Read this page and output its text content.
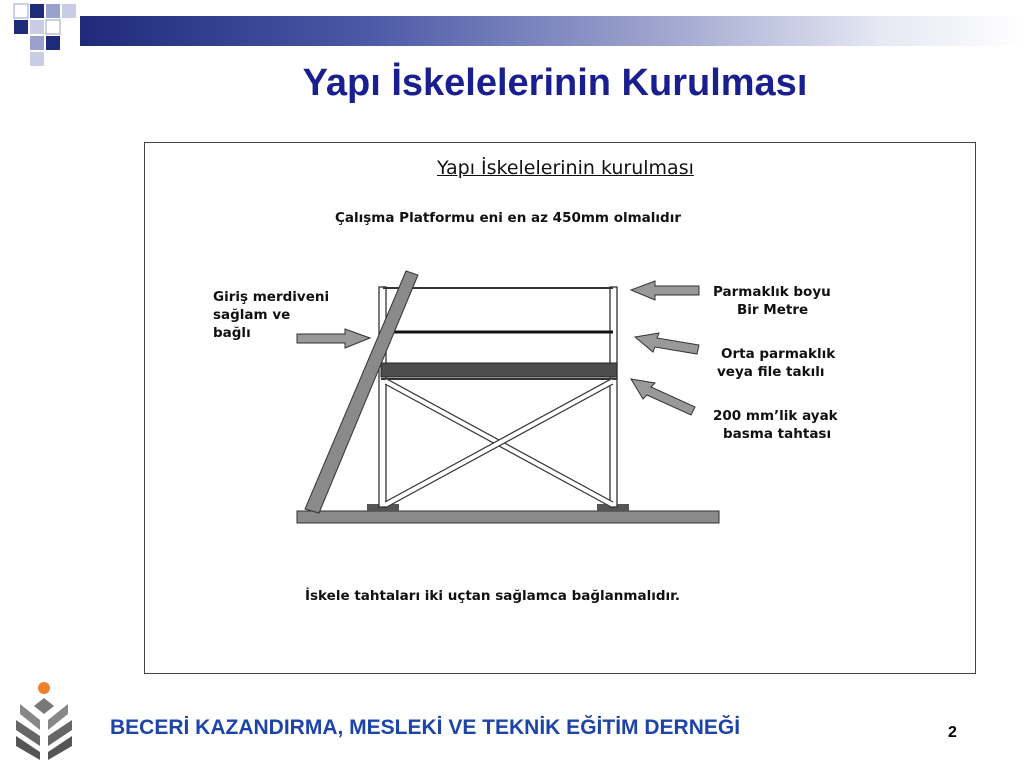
Yapı İskelelerinin Kurulması
Yapı İskelelerinin kurulması
Çalışma Platformu eni en az 450mm olmalıdır
Giriş merdiveni
sağlam ve
bağlı
Parmaklık boyu
Bir Metre
Orta parmaklık
veya file takılı
200 mm’lik ayak
basma tahtası
İskele tahtaları iki uçtan sağlamca bağlanmalıdır.
BECERİ KAZANDIRMA, MESLEKİ VE TEKNİK EĞİTİM DERNEĞİ	2
